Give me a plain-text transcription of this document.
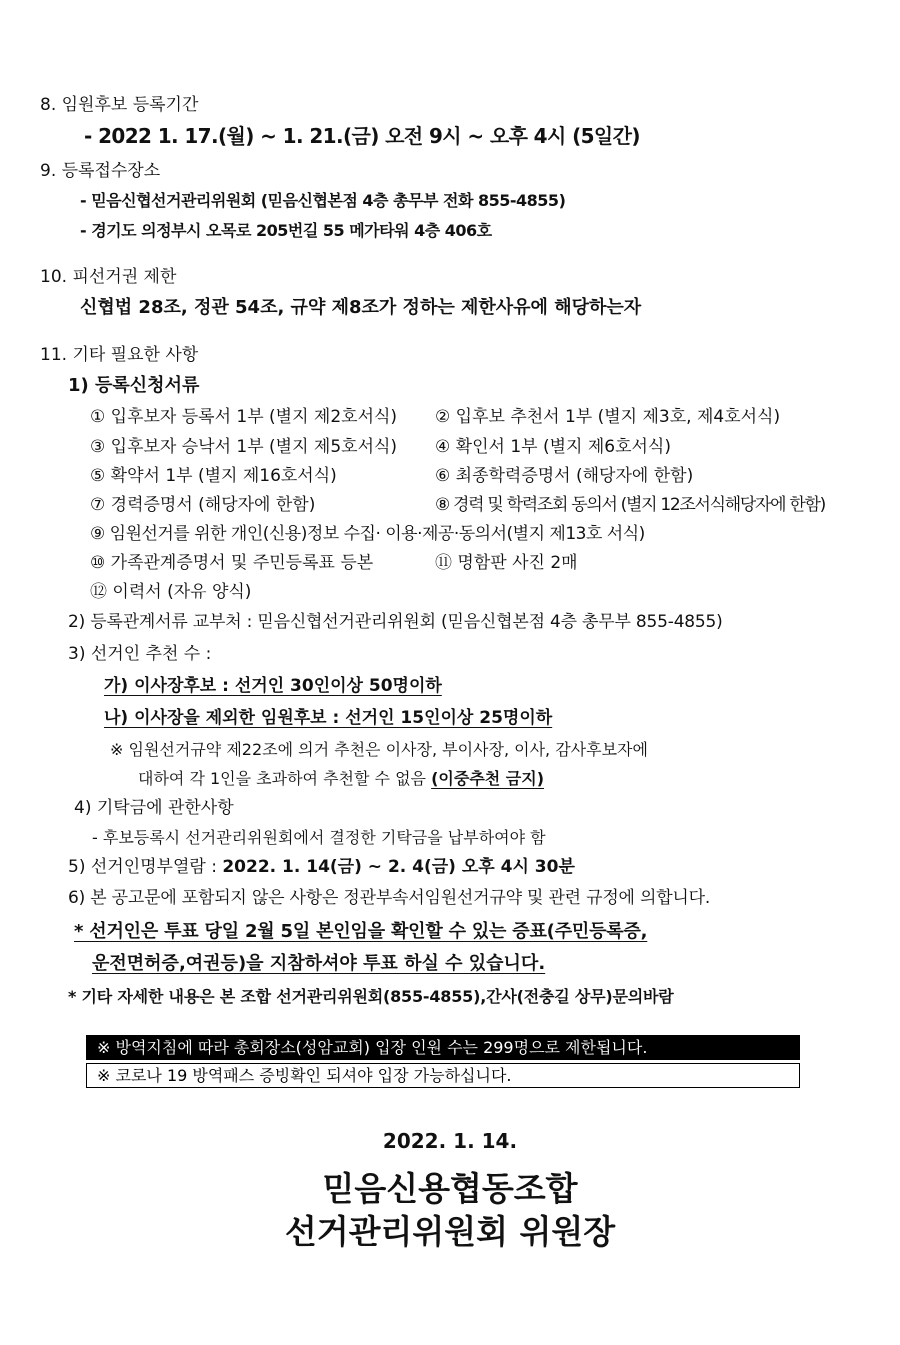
8. 임원후보 등록기간
- 2022 1. 17.(월) ~ 1. 21.(금) 오전 9시 ~ 오후 4시 (5일간)
9. 등록접수장소
- 믿음신협선거관리위원회 (믿음신협본점 4층 총무부 전화 855-4855)
- 경기도 의정부시 오목로 205번길 55 메가타워 4층 406호
10. 피선거권 제한
신협법 28조, 정관 54조, 규약 제8조가 정하는 제한사유에 해당하는자
11. 기타 필요한 사항
1) 등록신청서류
① 입후보자 등록서 1부 (별지 제2호서식) ② 입후보 추천서 1부 (별지 제3호, 제4호서식)
③ 입후보자 승낙서 1부 (별지 제5호서식) ④ 확인서 1부 (별지 제6호서식)
⑤ 확약서 1부 (별지 제16호서식)	⑥ 최종학력증명서 (해당자에 한함)
⑦ 경력증명서 (해당자에 한함)	⑧ 경력 및 학력조회 동의서 (별지 12조서식해당자에 한함)
⑨ 임원선거를 위한 개인(신용)정보 수집· 이용·제공·동의서(별지 제13호 서식)
⑩ 가족관계증명서 및 주민등록표 등본	⑪ 명함판 사진 2매
⑫ 이력서 (자유 양식)
2) 등록관계서류 교부처 : 믿음신협선거관리위원회 (믿음신협본점 4층 총무부 855-4855)
3) 선거인 추천 수 :
가) 이사장후보 : 선거인 30인이상 50명이하
나) 이사장을 제외한 임원후보 : 선거인 15인이상 25명이하
※ 임원선거규약 제22조에 의거 추천은 이사장, 부이사장, 이사, 감사후보자에
대하여 각 1인을 초과하여 추천할 수 없음 (이중추천 금지)
4) 기탁금에 관한사항
- 후보등록시 선거관리위원회에서 결정한 기탁금을 납부하여야 함
5) 선거인명부열람 : 2022. 1. 14(금) ~ 2. 4(금) 오후 4시 30분
6) 본 공고문에 포함되지 않은 사항은 정관부속서임원선거규약 및 관련 규정에 의합니다.
* 선거인은 투표 당일 2월 5일 본인임을 확인할 수 있는 증표(주민등록증,
운전면허증,여권등)을 지참하셔야 투표 하실 수 있습니다.
* 기타 자세한 내용은 본 조합 선거관리위원회(855-4855),간사(전충길 상무)문의바람
※ 방역지침에 따라 총회장소(성암교회) 입장 인원 수는 299명으로 제한됩니다.
※ 코로나 19 방역패스 증빙확인 되셔야 입장 가능하십니다.
2022. 1. 14.
믿음신용협동조합
선거관리위원회 위원장
